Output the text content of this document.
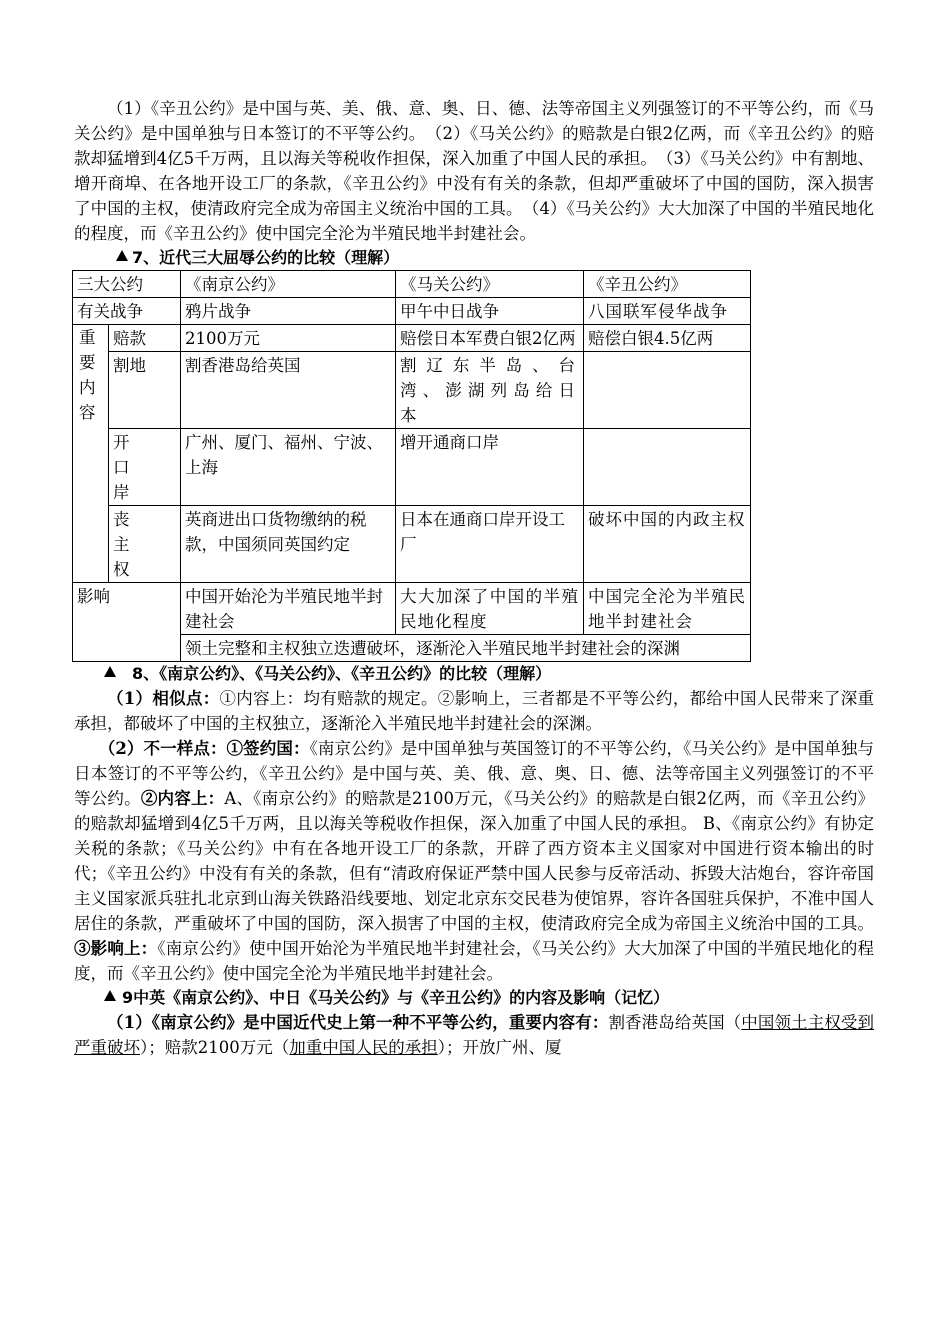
（1）《辛丑公约》是中国与英、美、俄、意、奥、日、德、法等帝国主义列强签订的不平等公约，而《马关公约》是中国单独与日本签订的不平等公约。　（2）《马关公约》的赔款是白银2亿两，而《辛丑公约》的赔款却猛增到4亿5千万两，且以海关等税收作担保，深入加重了中国人民的承担。　（3）《马关公约》中有割地、增开商埠、在各地开设工厂的条款，《辛丑公约》中没有有关的条款，但却严重破坏了中国的国防，深入损害了中国的主权，使清政府完全成为帝国主义统治中国的工具。　（4）《马关公约》大大加深了中国的半殖民地化的程度，而《辛丑公约》使中国完全沦为半殖民地半封建社会。

7、近代三大屈辱公约的比较（理解）
三大公约		《南京公约》	《马关公约》	《辛丑公约》
有关战争		鸦片战争	甲午中日战争	八国联军侵华战争
重要内容	赔款	2100万元	赔偿日本军费白银2亿两	赔偿白银4.5亿两
	割地	割香港岛给英国	割辽东半岛、台湾、澎湖列岛给日本	
	开口岸	广州、厦门、福州、宁波、上海	增开通商口岸	
	丧主权	英商进出口货物缴纳的税款，中国须同英国约定	日本在通商口岸开设工厂	破坏中国的内政主权
影响		中国开始沦为半殖民地半封建社会	大大加深了中国的半殖民地化程度	中国完全沦为半殖民地半封建社会
		领土完整和主权独立迭遭破坏，逐渐沦入半殖民地半封建社会的深渊		
8、《南京公约》、《马关公约》、《辛丑公约》的比较（理解）

（1）相似点：①内容上：均有赔款的规定。②影响上，三者都是不平等公约，都给中国人民带来了深重承担，都破坏了中国的主权独立，逐渐沦入半殖民地半封建社会的深渊。

（2）不一样点：①签约国：《南京公约》是中国单独与英国签订的不平等公约，《马关公约》是中国单独与日本签订的不平等公约，《辛丑公约》是中国与英、美、俄、意、奥、日、德、法等帝国主义列强签订的不平等公约。②内容上：A、《南京公约》的赔款是2100万元，《马关公约》的赔款是白银2亿两，而《辛丑公约》的赔款却猛增到4亿5千万两，且以海关等税收作担保，深入加重了中国人民的承担。 B、《南京公约》有协定关税的条款；《马关公约》中有在各地开设工厂的条款，开辟了西方资本主义国家对中国进行资本输出的时代；《辛丑公约》中没有有关的条款，但有“清政府保证严禁中国人民参与反帝活动、拆毁大沽炮台，容许帝国主义国家派兵驻扎北京到山海关铁路沿线要地、划定北京东交民巷为使馆界，容许各国驻兵保护，不准中国人居住的条款，严重破坏了中国的国防，深入损害了中国的主权，使清政府完全成为帝国主义统治中国的工具。③影响上：《南京公约》使中国开始沦为半殖民地半封建社会，《马关公约》大大加深了中国的半殖民地化的程度，而《辛丑公约》使中国完全沦为半殖民地半封建社会。

9中英《南京公约》、中日《马关公约》与《辛丑公约》的内容及影响（记忆）

（1）《南京公约》是中国近代史上第一种不平等公约，重要内容有：割香港岛给英国（中国领土主权受到严重破坏）；赔款2100万元（加重中国人民的承担）；开放广州、厦
